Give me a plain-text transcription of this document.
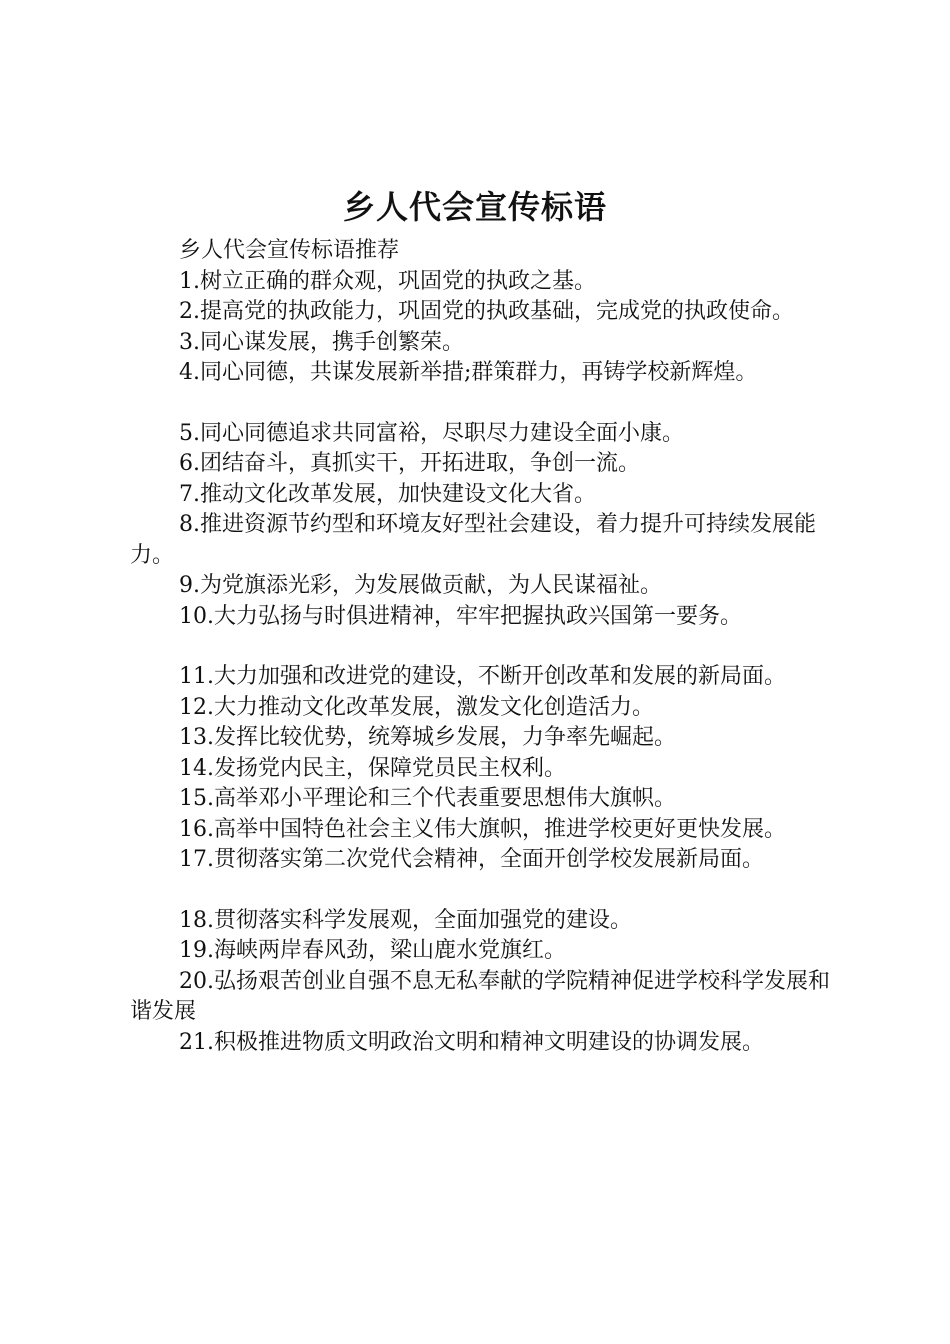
乡人代会宣传标语

乡人代会宣传标语推荐

1.树立正确的群众观，巩固党的执政之基。

2.提高党的执政能力，巩固党的执政基础，完成党的执政使命。

3.同心谋发展，携手创繁荣。

4.同心同德，共谋发展新举措;群策群力，再铸学校新辉煌。

5.同心同德追求共同富裕，尽职尽力建设全面小康。

6.团结奋斗，真抓实干，开拓进取，争创一流。

7.推动文化改革发展，加快建设文化大省。

8.推进资源节约型和环境友好型社会建设，着力提升可持续发展能力。

9.为党旗添光彩，为发展做贡献，为人民谋福祉。

10.大力弘扬与时俱进精神，牢牢把握执政兴国第一要务。

11.大力加强和改进党的建设，不断开创改革和发展的新局面。

12.大力推动文化改革发展，激发文化创造活力。

13.发挥比较优势，统筹城乡发展，力争率先崛起。

14.发扬党内民主，保障党员民主权利。

15.高举邓小平理论和三个代表重要思想伟大旗帜。

16.高举中国特色社会主义伟大旗帜，推进学校更好更快发展。

17.贯彻落实第二次党代会精神，全面开创学校发展新局面。

18.贯彻落实科学发展观，全面加强党的建设。

19.海峡两岸春风劲，梁山鹿水党旗红。

20.弘扬艰苦创业自强不息无私奉献的学院精神促进学校科学发展和谐发展

21.积极推进物质文明政治文明和精神文明建设的协调发展。
